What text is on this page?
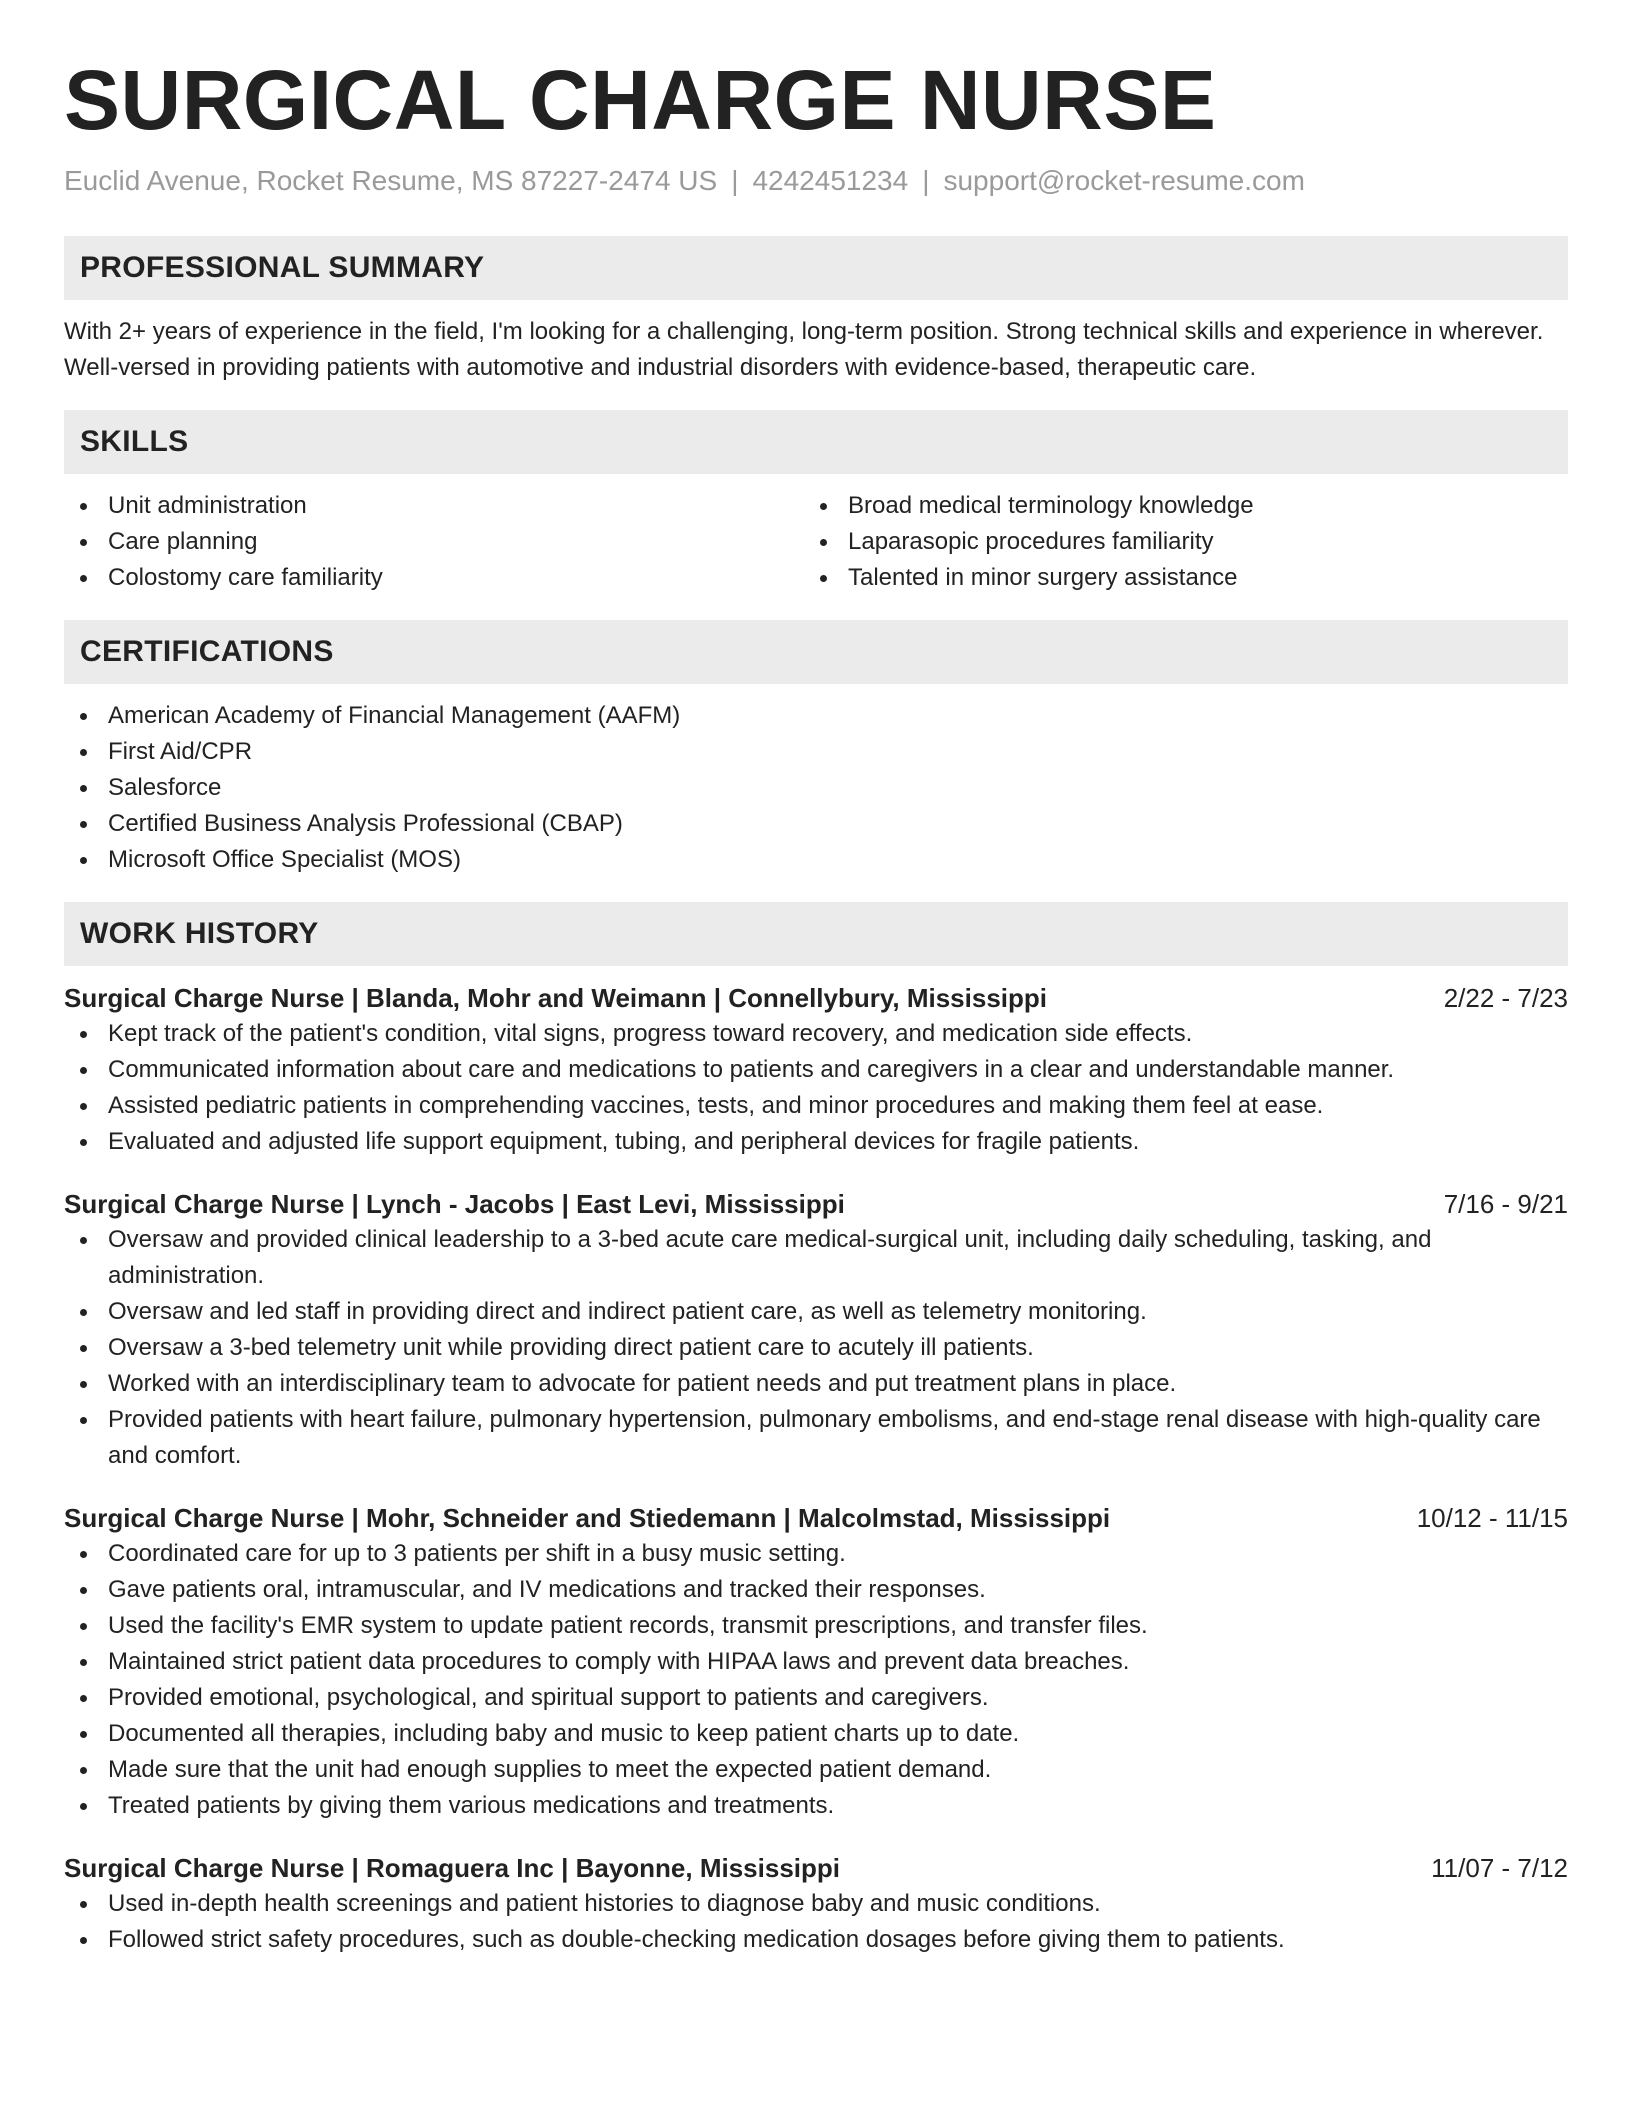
SURGICAL CHARGE NURSE
Euclid Avenue, Rocket Resume, MS 87227-2474 US | 4242451234 | support@rocket-resume.com
PROFESSIONAL SUMMARY

With 2+ years of experience in the field, I'm looking for a challenging, long-term position. Strong technical skills and experience in wherever. Well-versed in providing patients with automotive and industrial disorders with evidence-based, therapeutic care.

SKILLS
Unit administration
Care planning
Colostomy care familiarity
Broad medical terminology knowledge
Laparasopic procedures familiarity
Talented in minor surgery assistance
CERTIFICATIONS
American Academy of Financial Management (AAFM)
First Aid/CPR
Salesforce
Certified Business Analysis Professional (CBAP)
Microsoft Office Specialist (MOS)
WORK HISTORY
Surgical Charge Nurse | Blanda, Mohr and Weimann | Connellybury, Mississippi	2/22 - 7/23
Kept track of the patient's condition, vital signs, progress toward recovery, and medication side effects.
Communicated information about care and medications to patients and caregivers in a clear and understandable manner.
Assisted pediatric patients in comprehending vaccines, tests, and minor procedures and making them feel at ease.
Evaluated and adjusted life support equipment, tubing, and peripheral devices for fragile patients.
Surgical Charge Nurse | Lynch - Jacobs | East Levi, Mississippi	7/16 - 9/21
Oversaw and provided clinical leadership to a 3-bed acute care medical-surgical unit, including daily scheduling, tasking, and administration.
Oversaw and led staff in providing direct and indirect patient care, as well as telemetry monitoring.
Oversaw a 3-bed telemetry unit while providing direct patient care to acutely ill patients.
Worked with an interdisciplinary team to advocate for patient needs and put treatment plans in place.
Provided patients with heart failure, pulmonary hypertension, pulmonary embolisms, and end-stage renal disease with high-quality care and comfort.
Surgical Charge Nurse | Mohr, Schneider and Stiedemann | Malcolmstad, Mississippi	10/12 - 11/15
Coordinated care for up to 3 patients per shift in a busy music setting.
Gave patients oral, intramuscular, and IV medications and tracked their responses.
Used the facility's EMR system to update patient records, transmit prescriptions, and transfer files.
Maintained strict patient data procedures to comply with HIPAA laws and prevent data breaches.
Provided emotional, psychological, and spiritual support to patients and caregivers.
Documented all therapies, including baby and music to keep patient charts up to date.
Made sure that the unit had enough supplies to meet the expected patient demand.
Treated patients by giving them various medications and treatments.
Surgical Charge Nurse | Romaguera Inc | Bayonne, Mississippi	11/07 - 7/12
Used in-depth health screenings and patient histories to diagnose baby and music conditions.
Followed strict safety procedures, such as double-checking medication dosages before giving them to patients.
